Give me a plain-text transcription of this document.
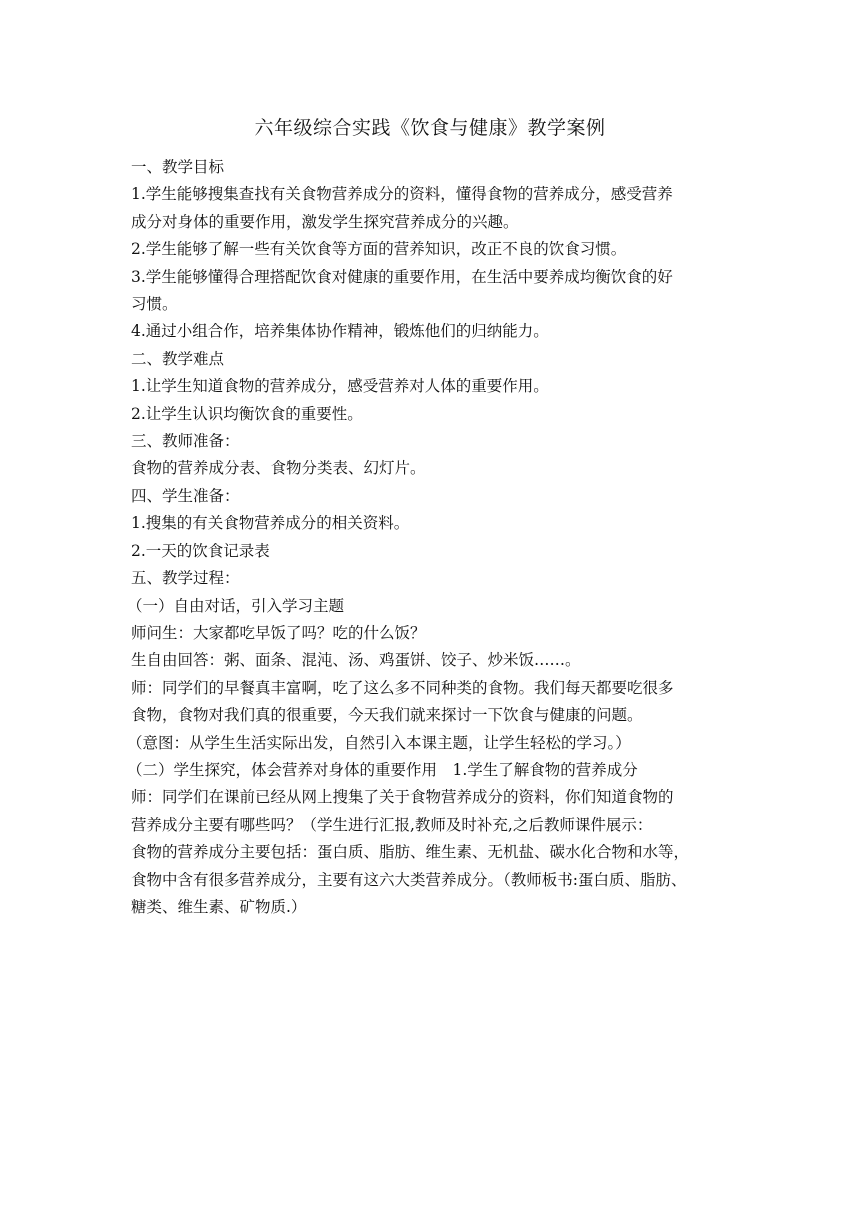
六年级综合实践《饮食与健康》教学案例

一、教学目标

1.学生能够搜集查找有关食物营养成分的资料，懂得食物的营养成分，感受营养

成分对身体的重要作用，激发学生探究营养成分的兴趣。

2.学生能够了解一些有关饮食等方面的营养知识，改正不良的饮食习惯。

3.学生能够懂得合理搭配饮食对健康的重要作用，在生活中要养成均衡饮食的好

习惯。

4.通过小组合作，培养集体协作精神，锻炼他们的归纳能力。

二、教学难点

1.让学生知道食物的营养成分，感受营养对人体的重要作用。

2.让学生认识均衡饮食的重要性。

三、教师准备：

食物的营养成分表、食物分类表、幻灯片。

四、学生准备：

1.搜集的有关食物营养成分的相关资料。

2.一天的饮食记录表

五、教学过程：

（一）自由对话，引入学习主题

师问生：大家都吃早饭了吗？吃的什么饭？

生自由回答：粥、面条、混沌、汤、鸡蛋饼、饺子、炒米饭……。

师：同学们的早餐真丰富啊，吃了这么多不同种类的食物。我们每天都要吃很多

食物，食物对我们真的很重要，今天我们就来探讨一下饮食与健康的问题。

（意图：从学生生活实际出发，自然引入本课主题，让学生轻松的学习。）

（二）学生探究，体会营养对身体的重要作用　1.学生了解食物的营养成分

师：同学们在课前已经从网上搜集了关于食物营养成分的资料，你们知道食物的

营养成分主要有哪些吗？（学生进行汇报,教师及时补充,之后教师课件展示：

食物的营养成分主要包括：蛋白质、脂肪、维生素、无机盐、碳水化合物和水等，

食物中含有很多营养成分，主要有这六大类营养成分。（教师板书:蛋白质、脂肪、

糖类、维生素、矿物质.）
